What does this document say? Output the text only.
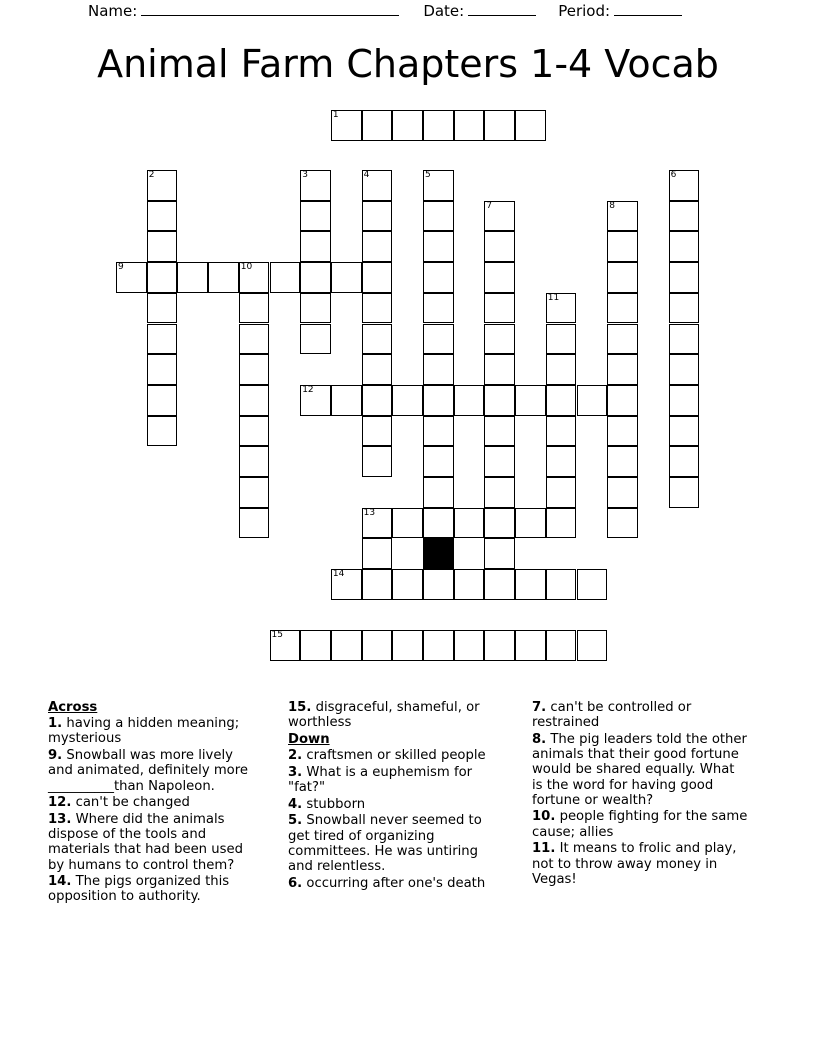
Name:	Date:	Period:
Animal Farm Chapters 1-4 Vocab
1
2	3	4	5	6
7	8
9	10
11
12
13
14
15
Across
1. having a hidden meaning; mysterious
9. Snowball was more lively and animated, definitely more __________than Napoleon.
12. can't be changed
13. Where did the animals dispose of the tools and materials that had been used by humans to control them?
14. The pigs organized this opposition to authority.
15. disgraceful, shameful, or worthless
Down
2. craftsmen or skilled people
3. What is a euphemism for "fat?"
4. stubborn
5. Snowball never seemed to get tired of organizing committees. He was untiring and relentless.
6. occurring after one's death
7. can't be controlled or restrained
8. The pig leaders told the other animals that their good fortune would be shared equally. What is the word for having good fortune or wealth?
10. people fighting for the same cause; allies
11. It means to frolic and play, not to throw away money in Vegas!
